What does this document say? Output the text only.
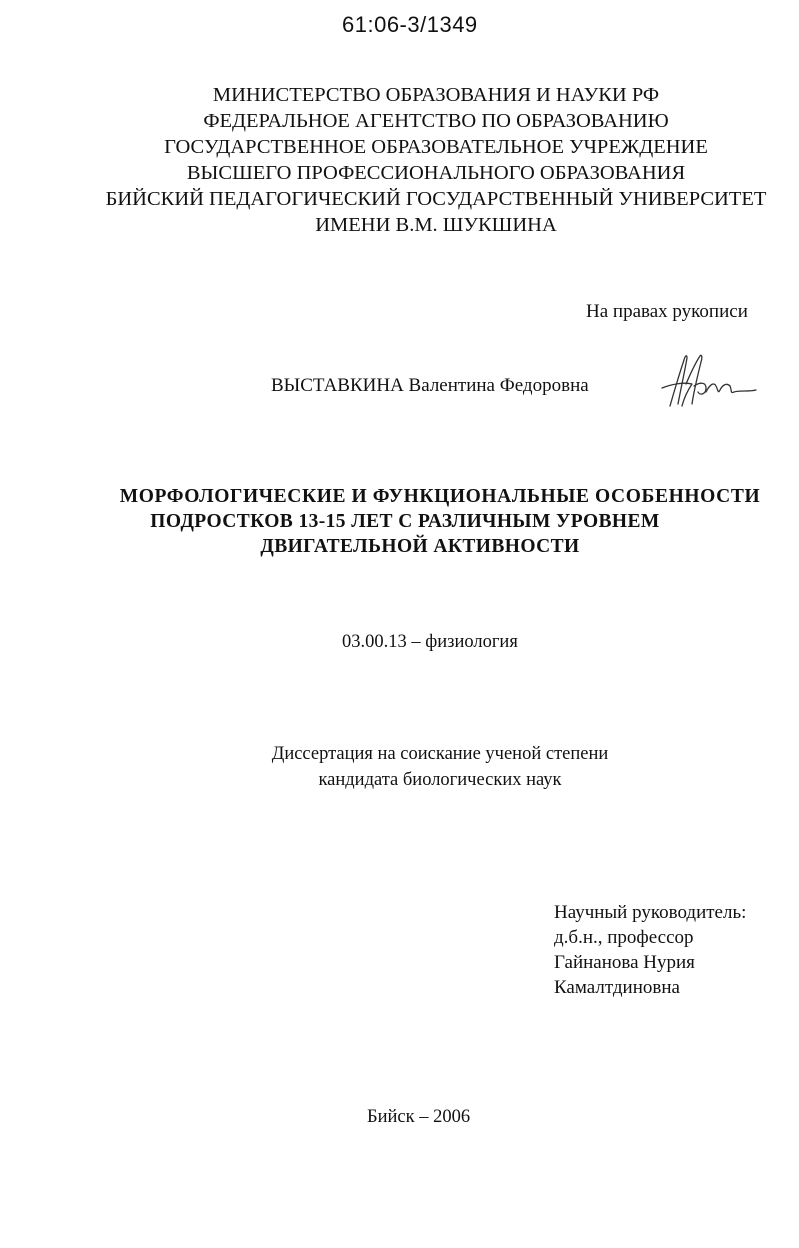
61:06-3/1349
МИНИСТЕРСТВО ОБРАЗОВАНИЯ И НАУКИ РФ
ФЕДЕРАЛЬНОЕ АГЕНТСТВО ПО ОБРАЗОВАНИЮ
ГОСУДАРСТВЕННОЕ ОБРАЗОВАТЕЛЬНОЕ УЧРЕЖДЕНИЕ
ВЫСШЕГО ПРОФЕССИОНАЛЬНОГО ОБРАЗОВАНИЯ
БИЙСКИЙ ПЕДАГОГИЧЕСКИЙ ГОСУДАРСТВЕННЫЙ УНИВЕРСИТЕТ
ИМЕНИ В.М. ШУКШИНА
На правах рукописи
ВЫСТАВКИНА Валентина Федоровна
МОРФОЛОГИЧЕСКИЕ И ФУНКЦИОНАЛЬНЫЕ ОСОБЕННОСТИ
ПОДРОСТКОВ 13-15 ЛЕТ С РАЗЛИЧНЫМ УРОВНЕМ
ДВИГАТЕЛЬНОЙ АКТИВНОСТИ
03.00.13 – физиология
Диссертация на соискание ученой степени
кандидата биологических наук
Научный руководитель:
д.б.н., профессор
Гайнанова Нурия
Камалтдиновна
Бийск – 2006
